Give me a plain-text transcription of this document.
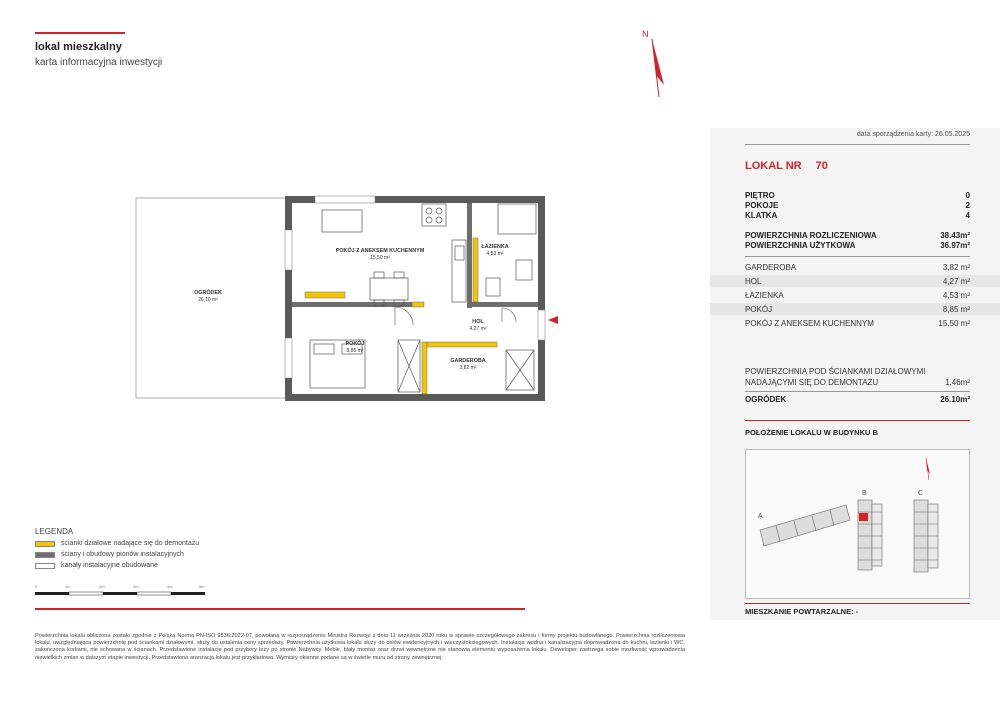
lokal mieszkalny
karta informacyjna inwestycji
N
data sporządzenia karty: 26.05.2025
LOKAL NR 70
PIĘTRO	0
POKOJE	2
KLATKA	4
POWIERZCHNIA ROZLICZENIOWA	38.43m²
POWIERZCHNIA UŻYTKOWA	36.97m²
GARDEROBA	3,82 m²
HOL	4,27 m²
ŁAZIENKA	4,53 m²
POKÓJ	8,85 m²
POKÓJ Z ANEKSEM KUCHENNYM	15,50 m²
POWIERZCHNIA POD ŚCIANKAMI DZIAŁOWYMI
NADAJĄCYMI SIĘ DO DEMONTAŻU	1.46m²
OGRÓDEK	26.10m²
POŁOŻENIE LOKALU W BUDYNKU B
A
B	C
MIESZKANIE POWTARZALNE: -
OGRÓDEK
26,10 m²
POKÓJ Z ANEKSEM KUCHENNYM
15,50 m²
ŁAZIENKA
4,53 m²
HOL
4,27 m²
POKÓJ
8,85 m²
GARDEROBA
3,82 m²
LEGENDA
ścianki działowe nadające się do demontażu
ściany i obudowy pionów instalacyjnych
kanały instalacyjne obudowane
0	1m	2m	3m	4m	5m
Powierzchnia lokalu obliczona zostało zgodnie z Polską Normą PN-ISO 9836:2022-07, powołaną w rozporządzeniu Ministra Rozwoju z dnia 11 września 2020 roku w sprawie szczegółowego zakresu i formy projektu budowlanego. Powierzchnia rozliczeniowa lokalu, uwzględniająca powierzchnię pod ściankami działowymi, służy do ustalenia ceny sprzedaży. Powierzchnia użytkowa lokalu służy do celów ewidencyjnych i wieczystoksięgowych. Instalacja wodna i kanalizacyjna doprowadzona do kuchni, łazienki i WC, zakończona korkami, nie schowana w ścianach. Przedstawione instalacje pod przybory leży po stronie Nabywcy. Meble, biały montaż oraz drzwi wewnętrzne nie stanowią elementu wyposażenia lokalu. Deweloper zastrzega sobie możliwość wprowadzenia niewielkich zmian w dalszym etapie inwestycji. Przedstawiona aranżacja lokalu jest przykładowa. Wymiary okienne podane są w świetle muru od strony zewnętrznej.
